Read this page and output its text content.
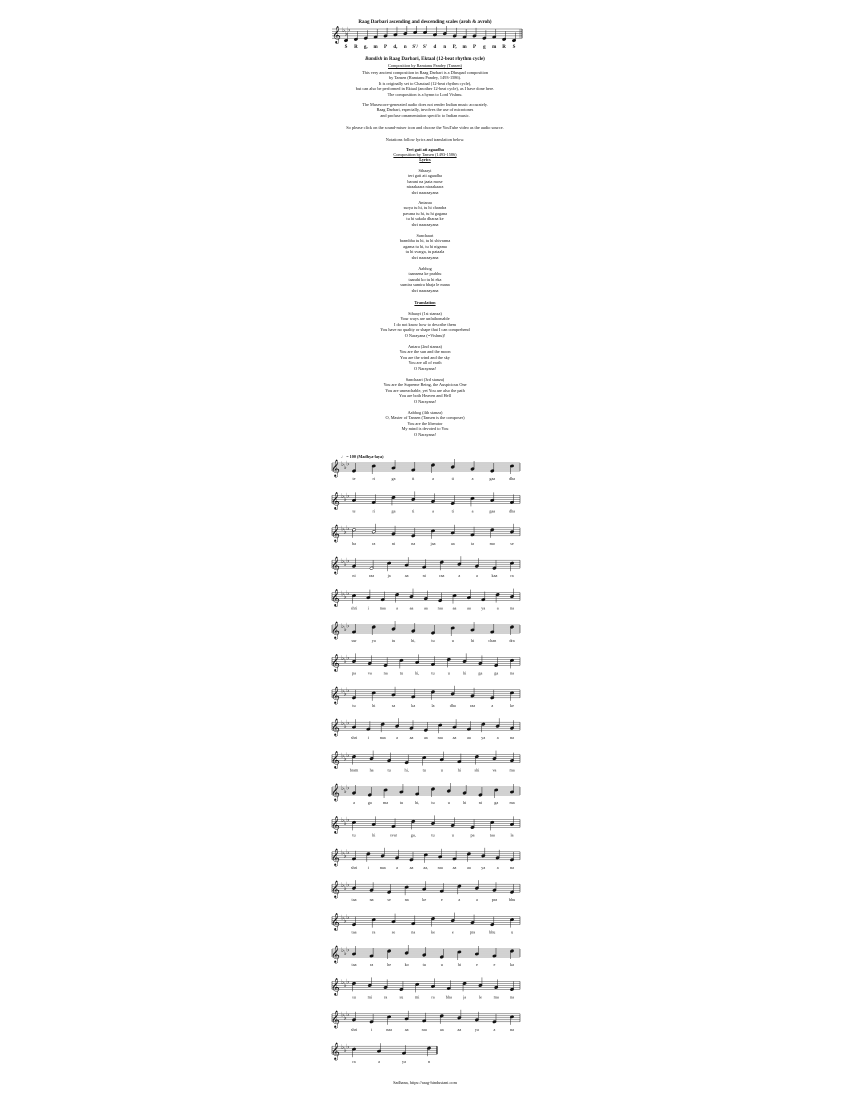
Raag Darbari ascending and descending scales (aroh & avroh)
𝄞 ♭ ♭
♭
S R g, m P d, n S'/ S' d n P, m P g m R S
Bandish in Raag Darbari, Ektaal (12-beat rhythm cycle)
Composition by Ramtanu Pandey (Tansen)
This very ancient composition in Raag Darbari is a Dhrupad composition
by Tansen (Ramtanu Pandey, 1493-1586).
It is originally set to Chautaal (12-beat rhythm cycle),
but can also be performed in Ektaal (another 12-beat cycle), as I have done here.
The composition is a hymn to Lord Vishnu.
The Musescore-generated audio does not render Indian music accurately.
Raag Darbari, especially, involves the use of microtones
and profuse ornamentation specific to Indian music.
So please click on the sound-mixer icon and choose the YouTube video as the audio source.
Notations follow lyrics and translation below.
Teri gati ati agaadha
Composition by Tansen (1493-1586)
Lyrics
Sthaayi
teri gati ati agaadha
barani na jaata mose
niraakaara niraakaara
shri naaraayana
Antaraa
surya tu hi, tu hi chandra
pavana tu hi, tu hi gagana
tu hi sakala dharaa ke
shri naaraayana
Sanchaari
brambha tu hi, tu hi shivrama
agama tu hi, tu hi nigama
tu hi svarga, tu pataala
shri naaraayana
Aabhog
taansena ke prabhu
taarahi ko tu hi eka
sumira sumira bhaja le mana
shri naaraayana
Translation
Sthaayi (1st stanza)
Your ways are unfathomable
I do not know how to describe them
You have no quality or shape that I can comprehend
O Narayana (=Vishnu)!
Antara (2nd stanza)
You are the sun and the moon
You are the wind and the sky
You are all of earth
O Narayana!
Sanchaari (3rd stanza)
You are the Supreme Being, the Auspicious One
You are unreachable, yet You are also the path
You are both Heaven and Hell
O Narayana!
Aabhog (4th stanza)
O, Master of Tansen (Tansen is the composer)
You are the liberator
My mind is devoted to You
O Narayana!
♩ = 100 (Madhya-laya)
𝄞 ♭ ♭ ♭
te	ri	ga	ti	a	ti	a	gaa	dha
𝄞 ♭ ♭ ♭
te	ri	ga	ti	a	ti	a	gaa	dha
𝄞 ♭ ♭ ♭
ba	ra	ni	na	jaa	aa	ta	mo	se
𝄞 ♭ ♭ ♭
ni	raa	ja	aa	ni	raa	a	a	kaa	ra
𝄞 ♭ ♭ ♭
shri	i	naa	a	aa	aa raa aa	aa	ya	a	na
𝄞 ♭ ♭ ♭
sur	ya	tu	hi,	tu	u	hi	chan	dra
𝄞 ♭ ♭ ♭
pa	va	na	tu	hi,	tu	u	hi	ga	ga	na
𝄞 ♭ ♭ ♭
tu	hi	sa	ka	la	dha	raa	a	ke
𝄞 ♭ ♭ ♭
shri	i	naa	a	aa	aa raa aa	aa	ya	a	na
𝄞 ♭ ♭ ♭
bram	ha	tu	hi,	tu	u	hi	shi	va	ma
𝄞 ♭ ♭ ♭
a	ga	ma	tu	hi,	tu	u	hi	ni	ga	ma
𝄞 ♭ ♭ ♭
tu	hi	svar	ga,	tu	u	pa	taa	la
𝄞 ♭ ♭ ♭
shri	i	naa	a	aa aa, raa aa	aa	ya	a	na
𝄞 ♭ ♭ ♭
taa	na	se	na	ke	e	a	a	pra	bhu
𝄞 ♭ ♭ ♭
taa	ra	se	na	ke	e	pra	bhu	u
𝄞 ♭ ♭ ♭
taa	ra	he	ko	tu	u	hi	e	e	ka
𝄞 ♭ ♭ ♭
su	mi	ra	su	mi	ra	bha	ja	le	ma	na
𝄞 ♭ ♭ ♭
shri	i	naa	aa	raa	aa	aa	ya	a	na
𝄞 ♭ ♭ ♭
ra	a	ya	n
Sadhana, https://raag-hindustani.com
